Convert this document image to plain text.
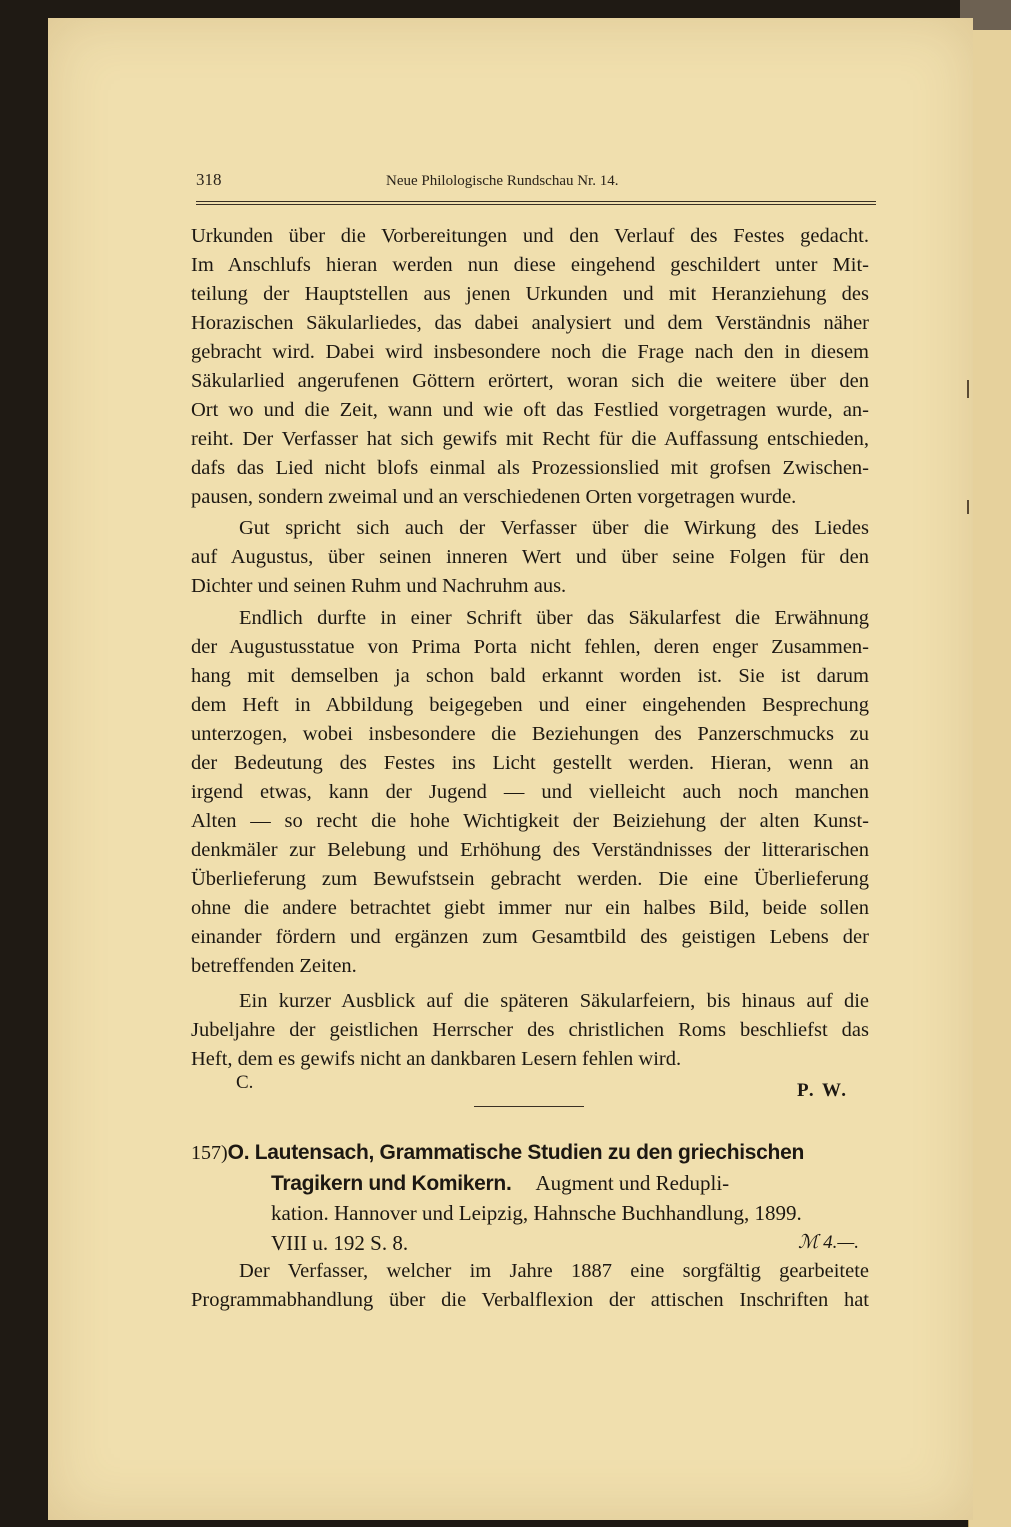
318	Neue Philologische Rundschau Nr. 14.
Urkunden über die Vorbereitungen und den Verlauf des Festes gedacht.
Im Anschlufs hieran werden nun diese eingehend geschildert unter Mit-
teilung der Hauptstellen aus jenen Urkunden und mit Heranziehung des
Horazischen Säkularliedes, das dabei analysiert und dem Verständnis näher
gebracht wird. Dabei wird insbesondere noch die Frage nach den in diesem
Säkularlied angerufenen Göttern erörtert, woran sich die weitere über den
Ort wo und die Zeit, wann und wie oft das Festlied vorgetragen wurde, an-
reiht. Der Verfasser hat sich gewifs mit Recht für die Auffassung entschieden,
dafs das Lied nicht blofs einmal als Prozessionslied mit grofsen Zwischen-
pausen, sondern zweimal und an verschiedenen Orten vorgetragen wurde.
Gut spricht sich auch der Verfasser über die Wirkung des Liedes
auf Augustus, über seinen inneren Wert und über seine Folgen für den
Dichter und seinen Ruhm und Nachruhm aus.
Endlich durfte in einer Schrift über das Säkularfest die Erwähnung
der Augustusstatue von Prima Porta nicht fehlen, deren enger Zusammen-
hang mit demselben ja schon bald erkannt worden ist. Sie ist darum
dem Heft in Abbildung beigegeben und einer eingehenden Besprechung
unterzogen, wobei insbesondere die Beziehungen des Panzerschmucks zu
der Bedeutung des Festes ins Licht gestellt werden. Hieran, wenn an
irgend etwas, kann der Jugend — und vielleicht auch noch manchen
Alten — so recht die hohe Wichtigkeit der Beiziehung der alten Kunst-
denkmäler zur Belebung und Erhöhung des Verständnisses der litterarischen
Überlieferung zum Bewufstsein gebracht werden. Die eine Überlieferung
ohne die andere betrachtet giebt immer nur ein halbes Bild, beide sollen
einander fördern und ergänzen zum Gesamtbild des geistigen Lebens der
betreffenden Zeiten.
Ein kurzer Ausblick auf die späteren Säkularfeiern, bis hinaus auf die
Jubeljahre der geistlichen Herrscher des christlichen Roms beschliefst das
Heft, dem es gewifs nicht an dankbaren Lesern fehlen wird.
C.	P. W.
157)O. Lautensach, Grammatische Studien zu den griechischen
Tragikern und Komikern. Augment und Redupli-
kation. Hannover und Leipzig, Hahnsche Buchhandlung, 1899.
VIII u. 192 S. 8.	ℳ 4.—.
Der Verfasser, welcher im Jahre 1887 eine sorgfältig gearbeitete
Programmabhandlung über die Verbalflexion der attischen Inschriften hat
